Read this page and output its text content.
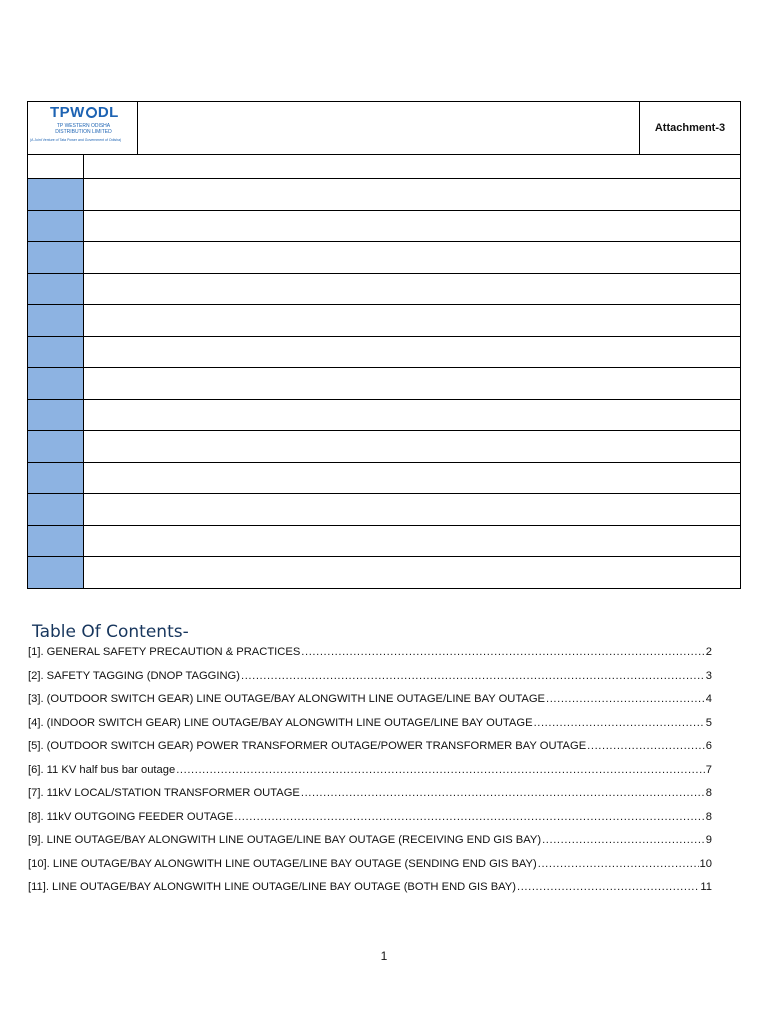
TPW DL
TP WESTERN ODISHA
DISTRIBUTION LIMITED
(A Joint Venture of Tata Power and Government of Odisha)
Attachment-3
Table Of Contents-
[1]. GENERAL SAFETY PRECAUTION & PRACTICES .....	2
[2]. SAFETY TAGGING (DNOP TAGGING) .....	3
[3]. (OUTDOOR SWITCH GEAR) LINE OUTAGE/BAY ALONGWITH LINE OUTAGE/LINE BAY OUTAGE .....	4
[4]. (INDOOR SWITCH GEAR) LINE OUTAGE/BAY ALONGWITH LINE OUTAGE/LINE BAY OUTAGE .....	5
[5]. (OUTDOOR SWITCH GEAR) POWER TRANSFORMER OUTAGE/POWER TRANSFORMER BAY OUTAGE .....	6
[6]. 11 KV half bus bar outage .....	7
[7]. 11kV LOCAL/STATION TRANSFORMER OUTAGE .....	8
[8]. 11kV OUTGOING FEEDER OUTAGE .....	8
[9]. LINE OUTAGE/BAY ALONGWITH LINE OUTAGE/LINE BAY OUTAGE (RECEIVING END GIS BAY) .....	9
[10]. LINE OUTAGE/BAY ALONGWITH LINE OUTAGE/LINE BAY OUTAGE (SENDING END GIS BAY) .....	10
[11]. LINE OUTAGE/BAY ALONGWITH LINE OUTAGE/LINE BAY OUTAGE (BOTH END GIS BAY) .....	11
1
